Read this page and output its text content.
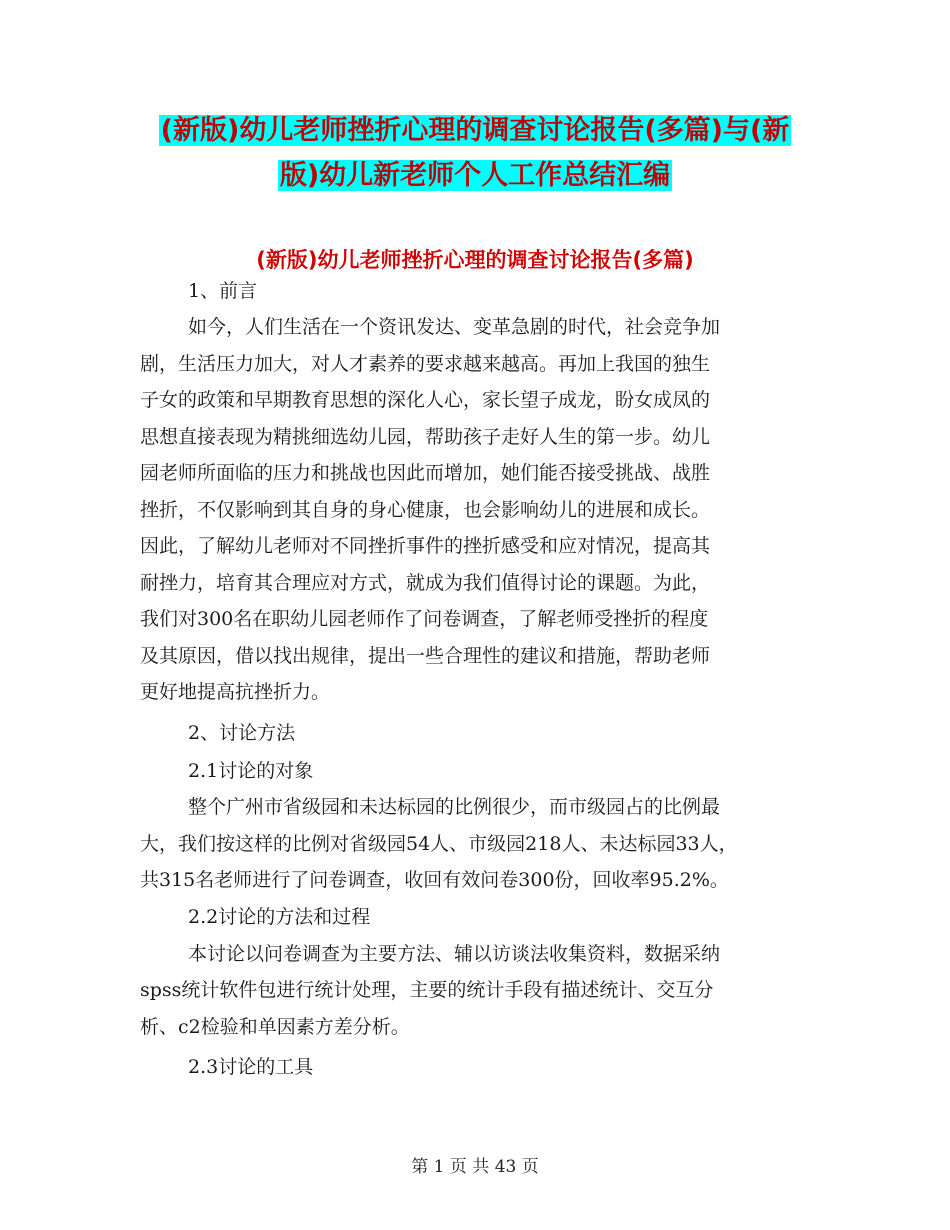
(新版)幼儿老师挫折心理的调查讨论报告(多篇)与(新
版)幼儿新老师个人工作总结汇编
(新版)幼儿老师挫折心理的调查讨论报告(多篇)
1、前言
如今，人们生活在一个资讯发达、变革急剧的时代，社会竞争加
剧，生活压力加大，对人才素养的要求越来越高。再加上我国的独生
子女的政策和早期教育思想的深化人心，家长望子成龙，盼女成凤的
思想直接表现为精挑细选幼儿园，帮助孩子走好人生的第一步。幼儿
园老师所面临的压力和挑战也因此而增加，她们能否接受挑战、战胜
挫折，不仅影响到其自身的身心健康，也会影响幼儿的进展和成长。
因此，了解幼儿老师对不同挫折事件的挫折感受和应对情况，提高其
耐挫力，培育其合理应对方式，就成为我们值得讨论的课题。为此，
我们对300名在职幼儿园老师作了问卷调查，了解老师受挫折的程度
及其原因，借以找出规律，提出一些合理性的建议和措施，帮助老师
更好地提高抗挫折力。
2、讨论方法
2.1讨论的对象
整个广州市省级园和未达标园的比例很少，而市级园占的比例最
大，我们按这样的比例对省级园54人、市级园218人、未达标园33人，
共315名老师进行了问卷调查，收回有效问卷300份，回收率95.2%。
2.2讨论的方法和过程
本讨论以问卷调查为主要方法、辅以访谈法收集资料，数据采纳
spss统计软件包进行统计处理，主要的统计手段有描述统计、交互分
析、c2检验和单因素方差分析。
2.3讨论的工具
第 1 页 共 43 页
